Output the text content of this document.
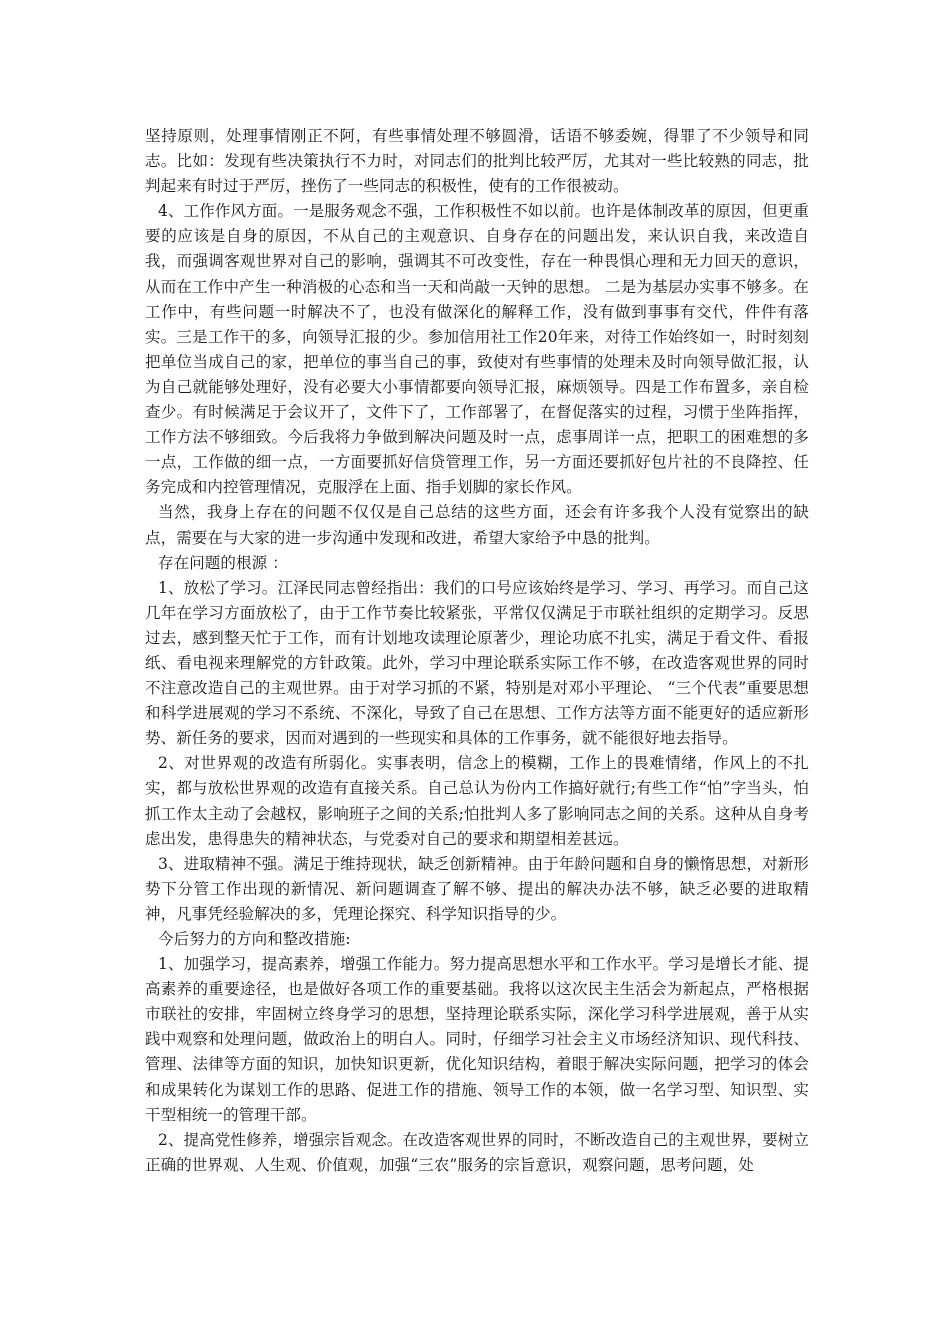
坚持原则，处理事情刚正不阿，有些事情处理不够圆滑，话语不够委婉，得罪了不少领导和同志。比如：发现有些决策执行不力时，对同志们的批判比较严厉，尤其对一些比较熟的同志，批判起来有时过于严厉，挫伤了一些同志的积极性，使有的工作很被动。

4、工作作风方面。一是服务观念不强，工作积极性不如以前。也许是体制改革的原因，但更重要的应该是自身的原因，不从自己的主观意识、自身存在的问题出发，来认识自我，来改造自我，而强调客观世界对自己的影响，强调其不可改变性，存在一种畏惧心理和无力回天的意识，从而在工作中产生一种消极的心态和当一天和尚敲一天钟的思想。 二是为基层办实事不够多。在工作中，有些问题一时解决不了，也没有做深化的解释工作，没有做到事事有交代，件件有落实。三是工作干的多，向领导汇报的少。参加信用社工作20年来，对待工作始终如一，时时刻刻把单位当成自己的家，把单位的事当自己的事，致使对有些事情的处理未及时向领导做汇报，认为自己就能够处理好，没有必要大小事情都要向领导汇报，麻烦领导。四是工作布置多，亲自检查少。有时候满足于会议开了，文件下了，工作部署了，在督促落实的过程，习惯于坐阵指挥，工作方法不够细致。今后我将力争做到解决问题及时一点，虑事周详一点，把职工的困难想的多一点，工作做的细一点，一方面要抓好信贷管理工作，另一方面还要抓好包片社的不良降控、任务完成和内控管理情况，克服浮在上面、指手划脚的家长作风。

当然，我身上存在的问题不仅仅是自己总结的这些方面，还会有许多我个人没有觉察出的缺点，需要在与大家的进一步沟通中发现和改进，希望大家给予中恳的批判。

存在问题的根源 ：

1、放松了学习。江泽民同志曾经指出：我们的口号应该始终是学习、学习、再学习。而自己这几年在学习方面放松了，由于工作节奏比较紧张，平常仅仅满足于市联社组织的定期学习。反思过去，感到整天忙于工作，而有计划地攻读理论原著少，理论功底不扎实，满足于看文件、看报纸、看电视来理解党的方针政策。此外，学习中理论联系实际工作不够，在改造客观世界的同时不注意改造自己的主观世界。由于对学习抓的不紧，特别是对邓小平理论、 “三个代表”重要思想和科学进展观的学习不系统、不深化，导致了自己在思想、工作方法等方面不能更好的适应新形势、新任务的要求，因而对遇到的一些现实和具体的工作事务，就不能很好地去指导。

2、对世界观的改造有所弱化。实事表明，信念上的模糊，工作上的畏难情绪，作风上的不扎实，都与放松世界观的改造有直接关系。自己总认为份内工作搞好就行;有些工作“怕”字当头，怕抓工作太主动了会越权，影响班子之间的关系;怕批判人多了影响同志之间的关系。这种从自身考虑出发，患得患失的精神状态，与党委对自己的要求和期望相差甚远。

3、进取精神不强。满足于维持现状，缺乏创新精神。由于年龄问题和自身的懒惰思想，对新形势下分管工作出现的新情况、新问题调查了解不够、提出的解决办法不够，缺乏必要的进取精神，凡事凭经验解决的多，凭理论探究、科学知识指导的少。

今后努力的方向和整改措施:

1、加强学习，提高素养，增强工作能力。努力提高思想水平和工作水平。学习是增长才能、提高素养的重要途径，也是做好各项工作的重要基础。我将以这次民主生活会为新起点，严格根据市联社的安排，牢固树立终身学习的思想，坚持理论联系实际，深化学习科学进展观，善于从实践中观察和处理问题，做政治上的明白人。同时，仔细学习社会主义市场经济知识、现代科技、管理、法律等方面的知识，加快知识更新，优化知识结构，着眼于解决实际问题，把学习的体会和成果转化为谋划工作的思路、促进工作的措施、领导工作的本领，做一名学习型、知识型、实干型相统一的管理干部。

2、提高党性修养，增强宗旨观念。在改造客观世界的同时，不断改造自己的主观世界，要树立正确的世界观、人生观、价值观，加强“三农”服务的宗旨意识，观察问题，思考问题，处
